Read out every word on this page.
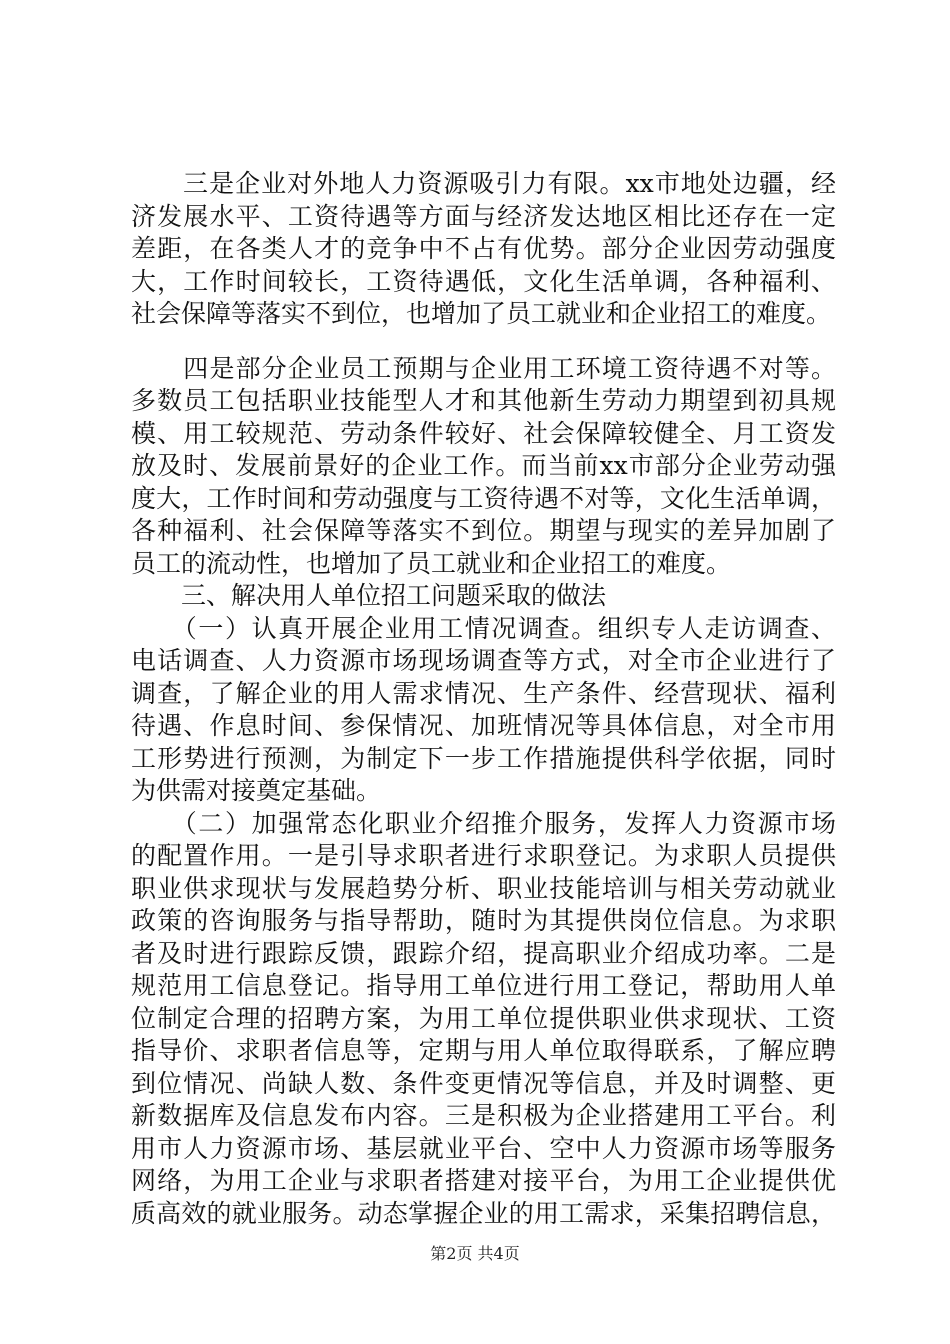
　　三是企业对外地人力资源吸引力有限。xx市地处边疆，经
济发展水平、工资待遇等方面与经济发达地区相比还存在一定
差距，在各类人才的竞争中不占有优势。部分企业因劳动强度
大，工作时间较长，工资待遇低，文化生活单调，各种福利、
社会保障等落实不到位，也增加了员工就业和企业招工的难度。
　　四是部分企业员工预期与企业用工环境工资待遇不对等。
多数员工包括职业技能型人才和其他新生劳动力期望到初具规
模、用工较规范、劳动条件较好、社会保障较健全、月工资发
放及时、发展前景好的企业工作。而当前xx市部分企业劳动强
度大，工作时间和劳动强度与工资待遇不对等，文化生活单调，
各种福利、社会保障等落实不到位。期望与现实的差异加剧了
员工的流动性，也增加了员工就业和企业招工的难度。
　　三、解决用人单位招工问题采取的做法
　　（一）认真开展企业用工情况调查。组织专人走访调查、
电话调查、人力资源市场现场调查等方式，对全市企业进行了
调查，了解企业的用人需求情况、生产条件、经营现状、福利
待遇、作息时间、参保情况、加班情况等具体信息，对全市用
工形势进行预测，为制定下一步工作措施提供科学依据，同时
为供需对接奠定基础。
　　（二）加强常态化职业介绍推介服务，发挥人力资源市场
的配置作用。一是引导求职者进行求职登记。为求职人员提供
职业供求现状与发展趋势分析、职业技能培训与相关劳动就业
政策的咨询服务与指导帮助，随时为其提供岗位信息。为求职
者及时进行跟踪反馈，跟踪介绍，提高职业介绍成功率。二是
规范用工信息登记。指导用工单位进行用工登记，帮助用人单
位制定合理的招聘方案，为用工单位提供职业供求现状、工资
指导价、求职者信息等，定期与用人单位取得联系，了解应聘
到位情况、尚缺人数、条件变更情况等信息，并及时调整、更
新数据库及信息发布内容。三是积极为企业搭建用工平台。利
用市人力资源市场、基层就业平台、空中人力资源市场等服务
网络，为用工企业与求职者搭建对接平台，为用工企业提供优
质高效的就业服务。动态掌握企业的用工需求，采集招聘信息，
第2页 共4页
